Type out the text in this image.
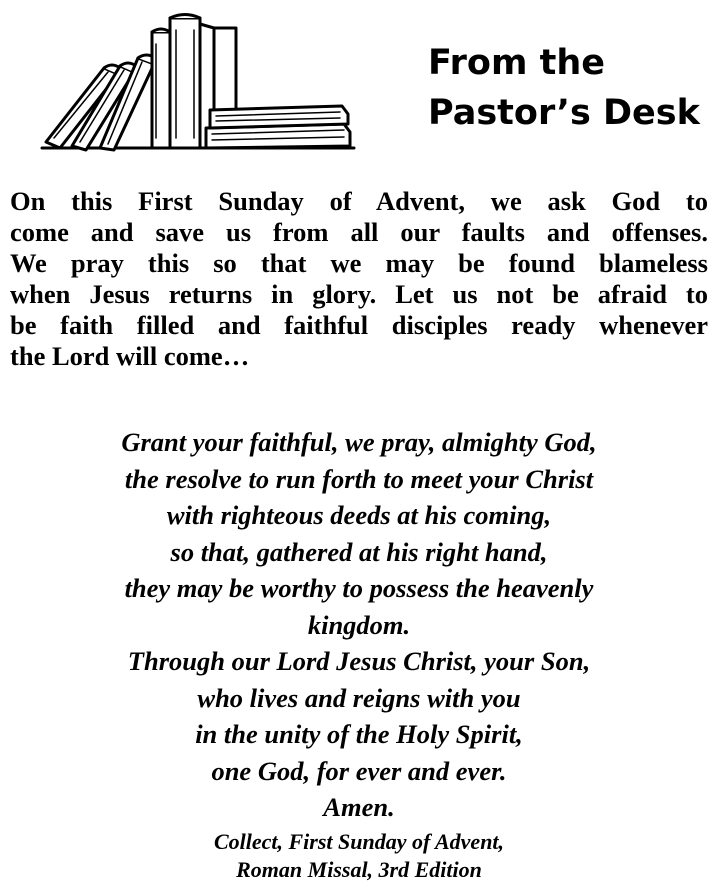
From the
Pastor’s Desk

On this First Sunday of Advent, we ask God to
come and save us from all our faults and offenses.
We pray this so that we may be found blameless
when Jesus returns in glory. Let us not be afraid to
be faith filled and faithful disciples ready whenever
the Lord will come…

Grant your faithful, we pray, almighty God,
the resolve to run forth to meet your Christ
with righteous deeds at his coming,
so that, gathered at his right hand,
they may be worthy to possess the heavenly
kingdom.
Through our Lord Jesus Christ, your Son,
who lives and reigns with you
in the unity of the Holy Spirit,
one God, for ever and ever.
Amen.
Collect, First Sunday of Advent,
Roman Missal, 3rd Edition
